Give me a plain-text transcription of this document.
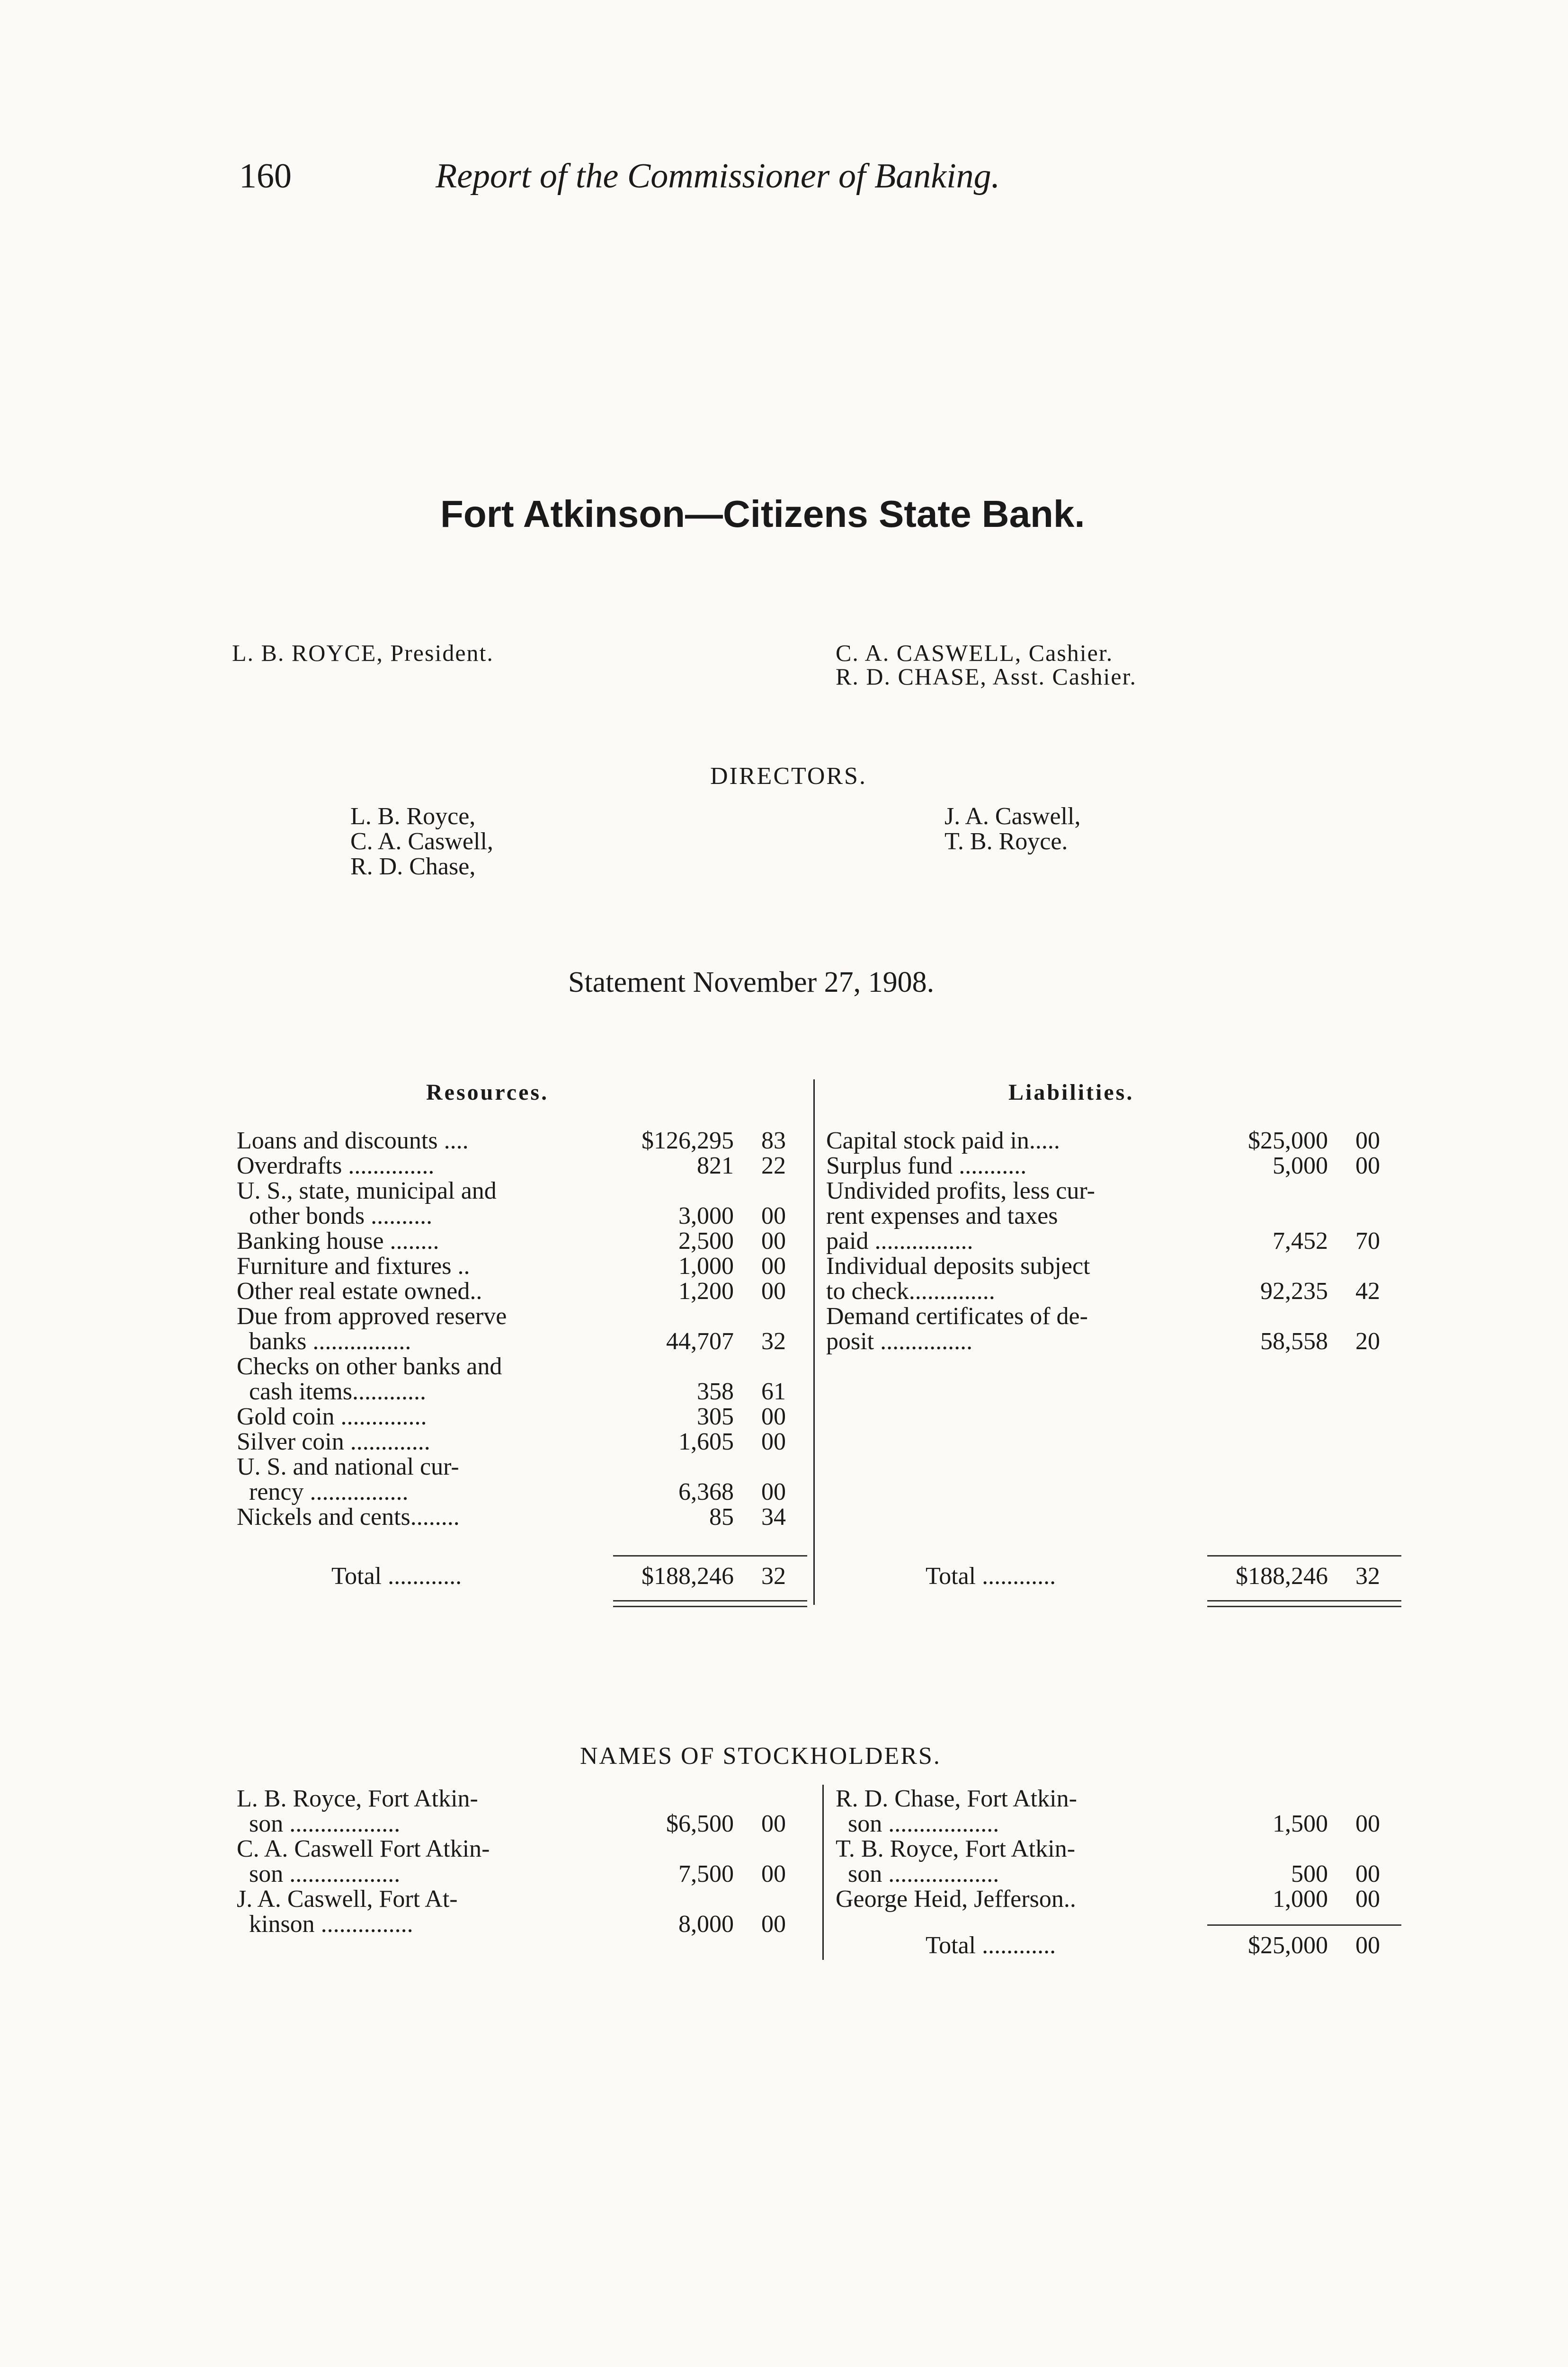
160	Report of the Commissioner of Banking.
Fort Atkinson—Citizens State Bank.
L. B. ROYCE, President.	C. A. CASWELL, Cashier.
R. D. CHASE, Asst. Cashier.
DIRECTORS.
L. B. Royce,
C. A. Caswell,
R. D. Chase,
J. A. Caswell,
T. B. Royce.
Statement November 27, 1908.
Resources.	Liabilities.
Loans and discounts ....	$126,295	83
Overdrafts ..............	821	22
U. S., state, municipal and
other bonds ..........	3,000	00
Banking house ........	2,500	00
Furniture and fixtures ..	1,000	00
Other real estate owned..	1,200	00
Due from approved reserve
banks ................	44,707	32
Checks on other banks and
cash items............	358	61
Gold coin ..............	305	00
Silver coin .............	1,605	00
U. S. and national cur-
rency ................	6,368	00
Nickels and cents........	85	34
Capital stock paid in.....	$25,000	00
Surplus fund ...........	5,000	00
Undivided profits, less cur-
rent expenses and taxes
paid ................	7,452	70
Individual deposits subject
to check..............	92,235	42
Demand certificates of de-
posit ...............	58,558	20
Total ............	$188,246	32	Total ............	$188,246	32
NAMES OF STOCKHOLDERS.
L. B. Royce, Fort Atkin-
son ..................	$6,500	00
C. A. Caswell Fort Atkin-
son ..................	7,500	00
J. A. Caswell, Fort At-
kinson ...............	8,000	00
R. D. Chase, Fort Atkin-
son ..................	1,500	00
T. B. Royce, Fort Atkin-
son ..................	500	00
George Heid, Jefferson..	1,000	00
Total ............	$25,000	00
